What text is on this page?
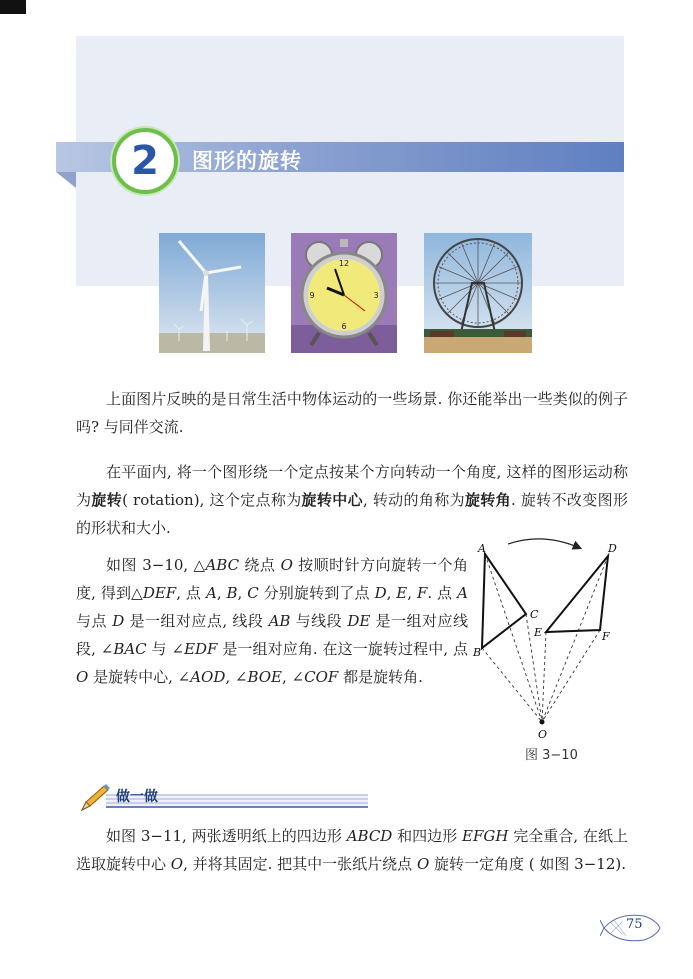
2 图形的旋转
12
3
6
9

上面图片反映的是日常生活中物体运动的一些场景. 你还能举出一些类似的例子吗? 与同伴交流.

在平面内, 将一个图形绕一个定点按某个方向转动一个角度, 这样的图形运动称为旋转( rotation), 这个定点称为旋转中心, 转动的角称为旋转角. 旋转不改变图形的形状和大小.

如图 3−10, △ABC 绕点 O 按顺时针方向旋转一个角度, 得到△DEF, 点 A, B, C 分别旋转到了点 D, E, F. 点 A 与点 D 是一组对应点, 线段 AB 与线段 DE 是一组对应线段, ∠BAC 与 ∠EDF 是一组对应角. 在这一旋转过程中, 点 O 是旋转中心, ∠AOD, ∠BOE, ∠COF 都是旋转角.

A
B
C
D
E	F
O
图 3−10
做一做

如图 3−11, 两张透明纸上的四边形 ABCD 和四边形 EFGH 完全重合, 在纸上选取旋转中心 O, 并将其固定. 把其中一张纸片绕点 O 旋转一定角度 ( 如图 3−12).

75
